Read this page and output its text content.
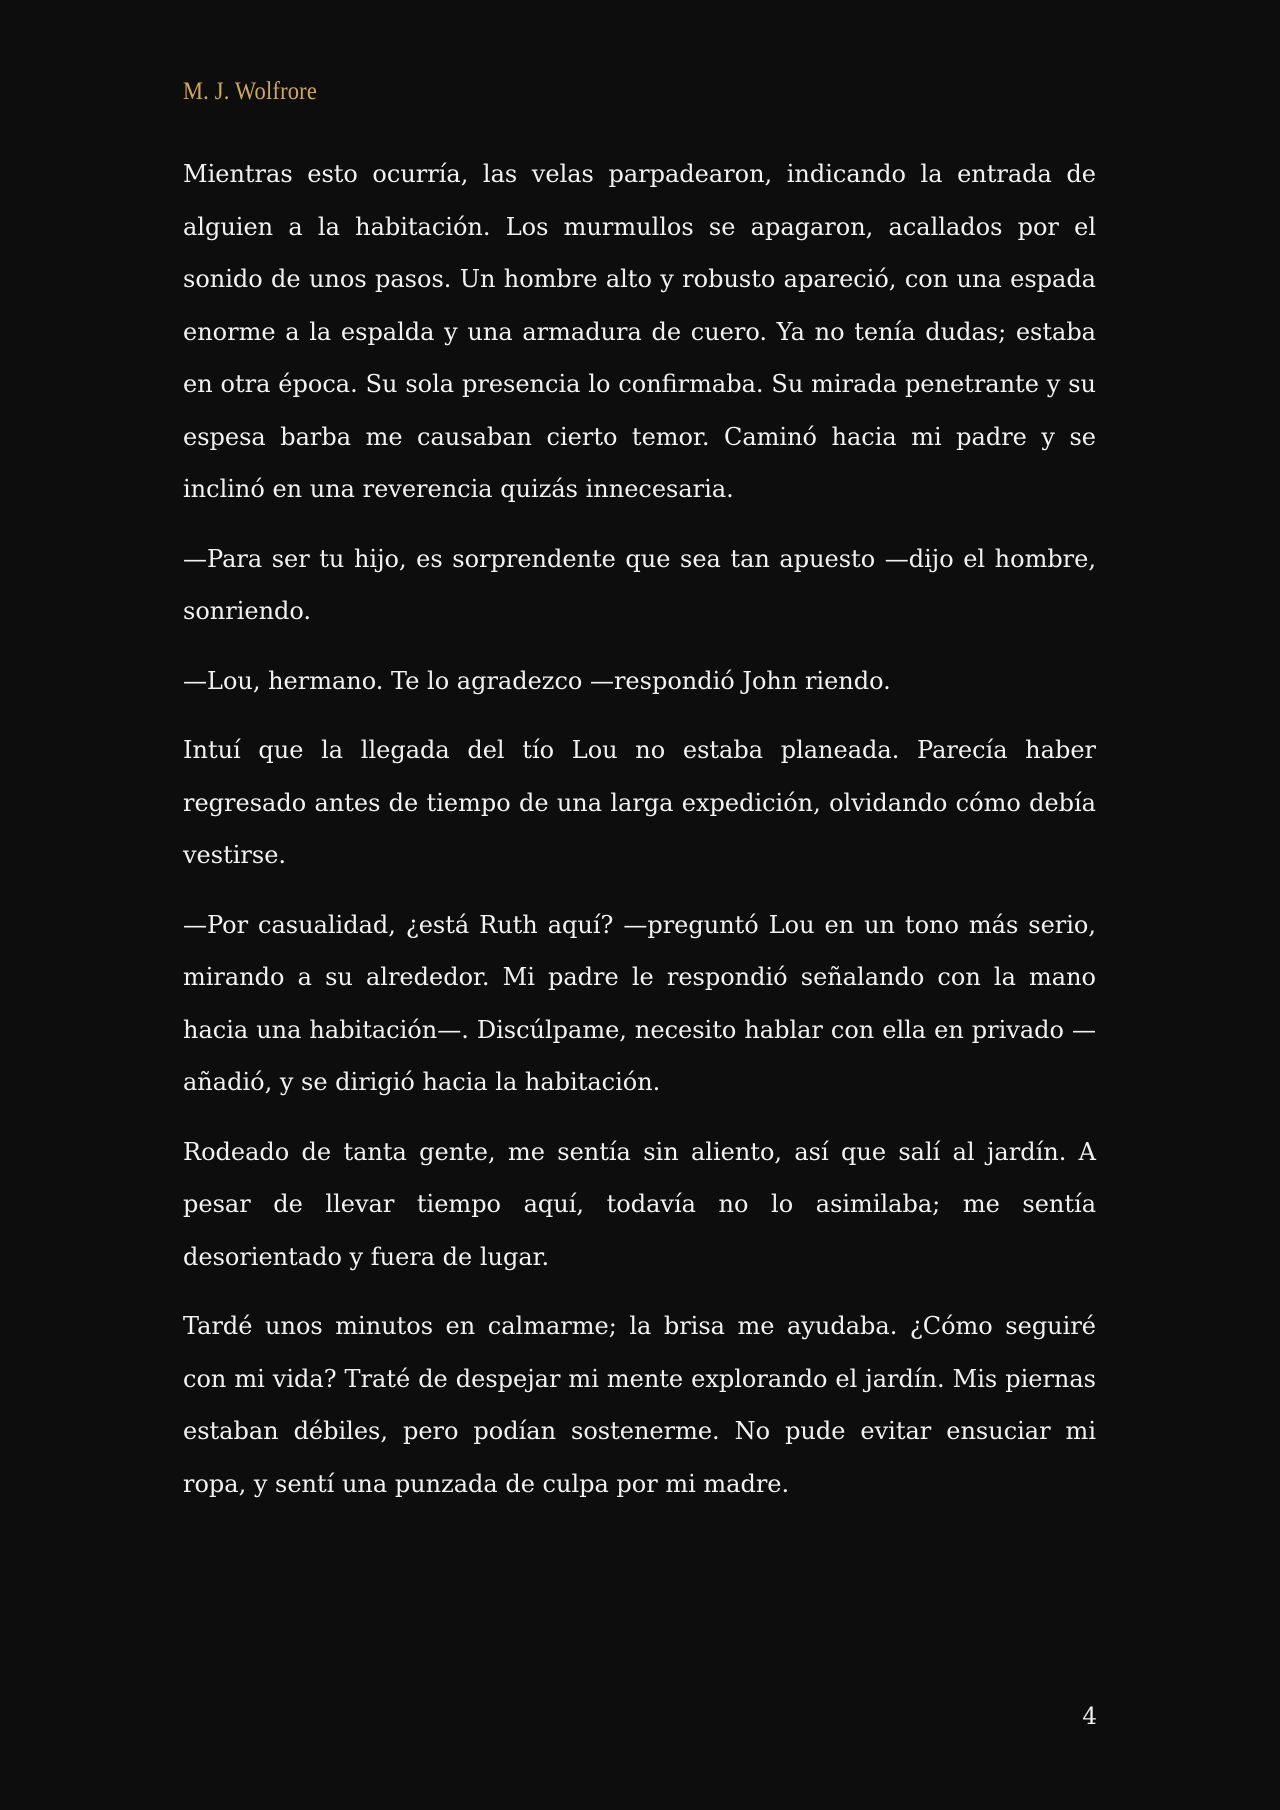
M. J. Wolfrore

Mientras esto ocurría, las velas parpadearon, indicando la entrada de alguien a la habitación. Los murmullos se apagaron, acallados por el sonido de unos pasos. Un hombre alto y robusto apareció, con una espada enorme a la espalda y una armadura de cuero. Ya no tenía dudas; estaba en otra época. Su sola presencia lo confirmaba. Su mirada penetrante y su espesa barba me causaban cierto temor. Caminó hacia mi padre y se inclinó en una reverencia quizás innecesaria.

—Para ser tu hijo, es sorprendente que sea tan apuesto —dijo el hombre, sonriendo.

—Lou, hermano. Te lo agradezco —respondió John riendo.

Intuí que la llegada del tío Lou no estaba planeada. Parecía haber regresado antes de tiempo de una larga expedición, olvidando cómo debía vestirse.

—Por casualidad, ¿está Ruth aquí? —preguntó Lou en un tono más serio, mirando a su alrededor. Mi padre le respondió señalando con la mano hacia una habitación—. Discúlpame, necesito hablar con ella en privado —añadió, y se dirigió hacia la habitación.

Rodeado de tanta gente, me sentía sin aliento, así que salí al jardín. A pesar de llevar tiempo aquí, todavía no lo asimilaba; me sentía desorientado y fuera de lugar.

Tardé unos minutos en calmarme; la brisa me ayudaba. ¿Cómo seguiré con mi vida? Traté de despejar mi mente explorando el jardín. Mis piernas estaban débiles, pero podían sostenerme. No pude evitar ensuciar mi ropa, y sentí una punzada de culpa por mi madre.

4
